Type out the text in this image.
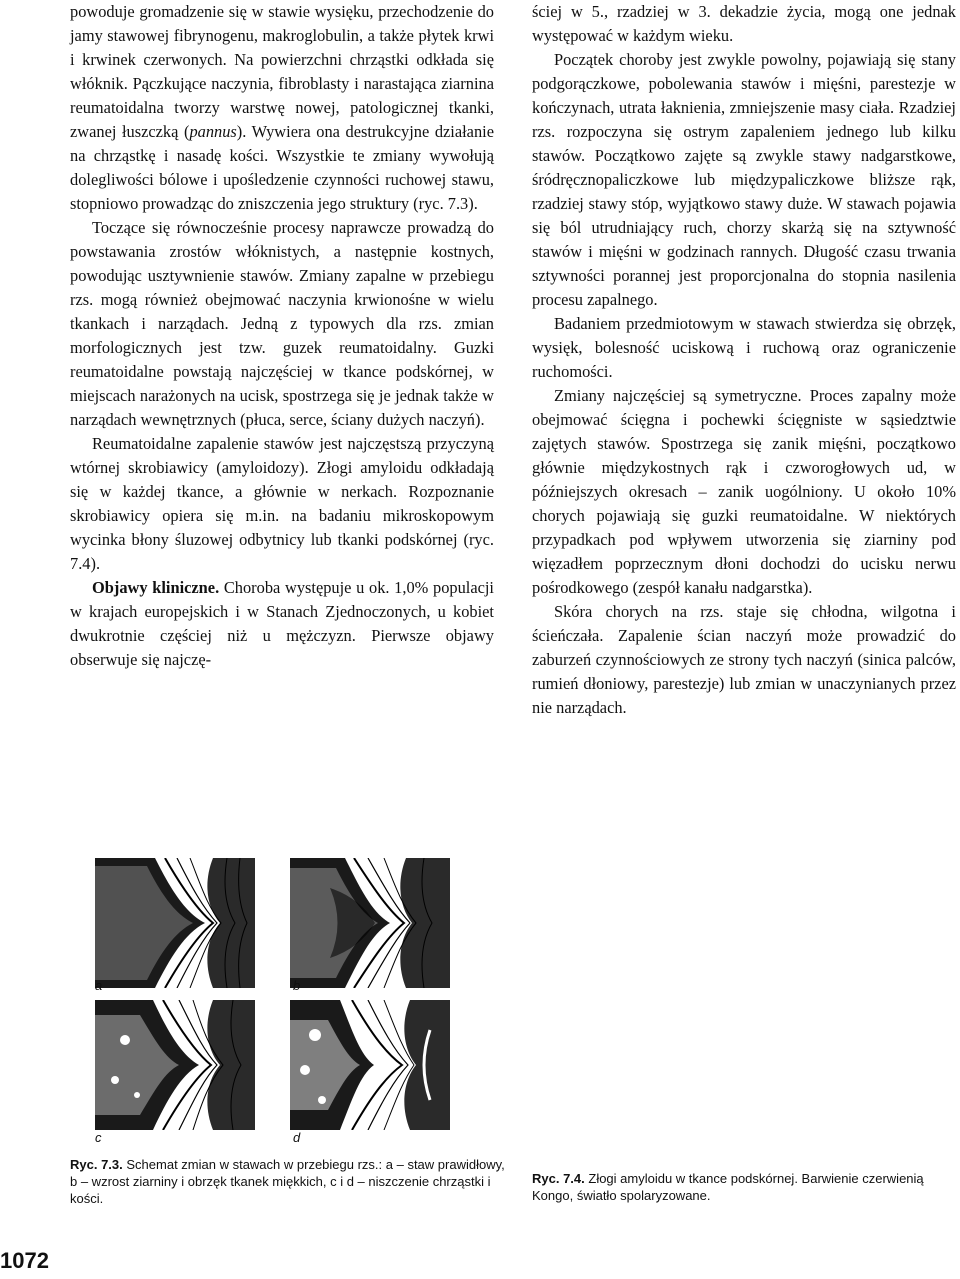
powoduje gromadzenie się w stawie wysięku, przechodzenie do jamy stawowej fibrynogenu, makroglobulin, a także płytek krwi i krwinek czerwonych. Na powierzchni chrząstki odkłada się włóknik. Pączkujące naczynia, fibroblasty i narastająca ziarnina reumatoidalna tworzy warstwę nowej, patologicznej tkanki, zwanej łuszczką (pannus). Wywiera ona destrukcyjne działanie na chrząstkę i nasadę kości. Wszystkie te zmiany wywołują dolegliwości bólowe i upośledzenie czynności ruchowej stawu, stopniowo prowadząc do zniszczenia jego struktury (ryc. 7.3).

Toczące się równocześnie procesy naprawcze prowadzą do powstawania zrostów włóknistych, a następnie kostnych, powodując usztywnienie stawów. Zmiany zapalne w przebiegu rzs. mogą również obejmować naczynia krwionośne w wielu tkankach i narządach. Jedną z typowych dla rzs. zmian morfologicznych jest tzw. guzek reumatoidalny. Guzki reumatoidalne powstają najczęściej w tkance podskórnej, w miejscach narażonych na ucisk, spostrzega się je jednak także w narządach wewnętrznych (płuca, serce, ściany dużych naczyń).

Reumatoidalne zapalenie stawów jest najczęstszą przyczyną wtórnej skrobiawicy (amyloidozy). Złogi amyloidu odkładają się w każdej tkance, a głównie w nerkach. Rozpoznanie skrobiawicy opiera się m.in. na badaniu mikroskopowym wycinka błony śluzowej odbytnicy lub tkanki podskórnej (ryc. 7.4).

Objawy kliniczne. Choroba występuje u ok. 1,0% populacji w krajach europejskich i w Stanach Zjednoczonych, u kobiet dwukrotnie częściej niż u mężczyzn. Pierwsze objawy obserwuje się najczę-

ściej w 5., rzadziej w 3. dekadzie życia, mogą one jednak występować w każdym wieku.

Początek choroby jest zwykle powolny, pojawiają się stany podgorączkowe, pobolewania stawów i mięśni, parestezje w kończynach, utrata łaknienia, zmniejszenie masy ciała. Rzadziej rzs. rozpoczyna się ostrym zapaleniem jednego lub kilku stawów. Początkowo zajęte są zwykle stawy nadgarstkowe, śródręcznopaliczkowe lub międzypaliczkowe bliższe rąk, rzadziej stawy stóp, wyjątkowo stawy duże. W stawach pojawia się ból utrudniający ruch, chorzy skarżą się na sztywność stawów i mięśni w godzinach rannych. Długość czasu trwania sztywności porannej jest proporcjonalna do stopnia nasilenia procesu zapalnego.

Badaniem przedmiotowym w stawach stwierdza się obrzęk, wysięk, bolesność uciskową i ruchową oraz ograniczenie ruchomości.

Zmiany najczęściej są symetryczne. Proces zapalny może obejmować ścięgna i pochewki ścięgniste w sąsiedztwie zajętych stawów. Spostrzega się zanik mięśni, początkowo głównie międzykostnych rąk i czworogłowych ud, w późniejszych okresach – zanik uogólniony. U około 10% chorych pojawiają się guzki reumatoidalne. W niektórych przypadkach pod wpływem utworzenia się ziarniny pod więzadłem poprzecznym dłoni dochodzi do ucisku nerwu pośrodkowego (zespół kanału nadgarstka).

Skóra chorych na rzs. staje się chłodna, wilgotna i ścieńczała. Zapalenie ścian naczyń może prowadzić do zaburzeń czynnościowych ze strony tych naczyń (sinica palców, rumień dłoniowy, parestezje) lub zmian w unaczynianych przez nie narządach.

a	b
c	d
Ryc. 7.3. Schemat zmian w stawach w przebiegu rzs.: a – staw prawidłowy, b – wzrost ziarniny i obrzęk tkanek miękkich, c i d – niszczenie chrząstki i kości.
Ryc. 7.4. Złogi amyloidu w tkance podskórnej. Barwienie czerwienią Kongo, światło spolaryzowane.
1072
